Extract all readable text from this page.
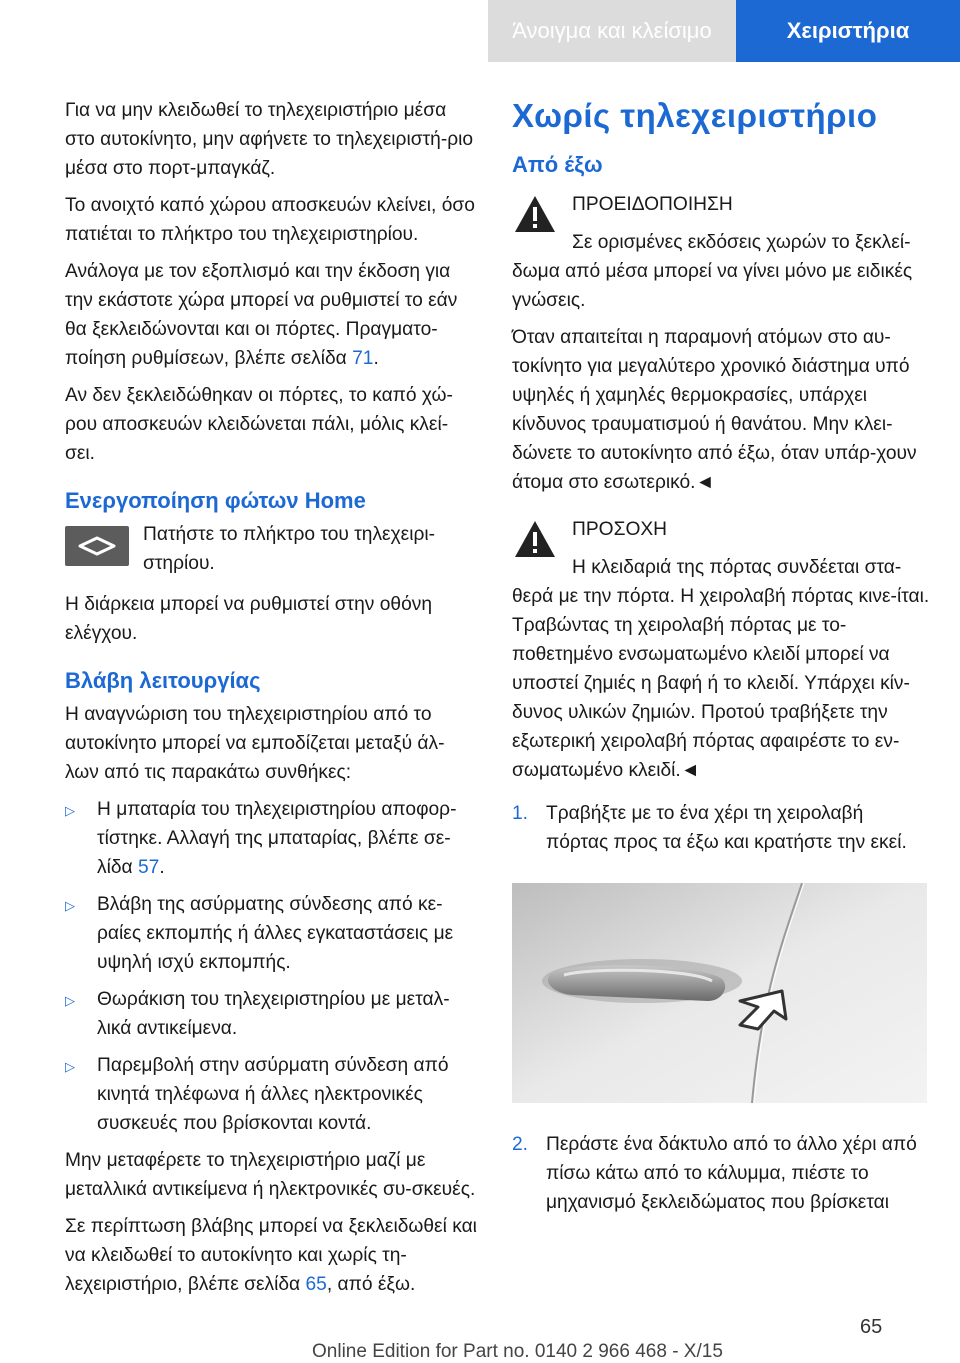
Άνοιγμα και κλείσιμο	Χειριστήρια

Για να μην κλειδωθεί το τηλεχειριστήριο μέσα στο αυτοκίνητο, μην αφήνετε το τηλεχειριστή-ριο μέσα στο πορτ-μπαγκάζ.

Το ανοιχτό καπό χώρου αποσκευών κλείνει, όσο πατιέται το πλήκτρο του τηλεχειριστηρίου.

Ανάλογα με τον εξοπλισμό και την έκδοση για την εκάστοτε χώρα μπορεί να ρυθμιστεί το εάν θα ξεκλειδώνονται και οι πόρτες. Πραγματο-ποίηση ρυθμίσεων, βλέπε σελίδα 71.

Αν δεν ξεκλειδώθηκαν οι πόρτες, το καπό χώ-ρου αποσκευών κλειδώνεται πάλι, μόλις κλεί-σει.

Ενεργοποίηση φώτων Home
Πατήστε το πλήκτρο του τηλεχειρι-στηρίου.

Η διάρκεια μπορεί να ρυθμιστεί στην οθόνη ελέγχου.

Βλάβη λειτουργίας

Η αναγνώριση του τηλεχειριστηρίου από το αυτοκίνητο μπορεί να εμποδίζεται μεταξύ άλ-λων από τις παρακάτω συνθήκες:

▷	Η μπαταρία του τηλεχειριστηρίου αποφορ-τίστηκε. Αλλαγή της μπαταρίας, βλέπε σε-λίδα 57.
▷	Βλάβη της ασύρματης σύνδεσης από κε-ραίες εκπομπής ή άλλες εγκαταστάσεις με υψηλή ισχύ εκπομπής.
▷	Θωράκιση του τηλεχειριστηρίου με μεταλ-λικά αντικείμενα.
▷	Παρεμβολή στην ασύρματη σύνδεση από κινητά τηλέφωνα ή άλλες ηλεκτρονικές συσκευές που βρίσκονται κοντά.

Μην μεταφέρετε το τηλεχειριστήριο μαζί με μεταλλικά αντικείμενα ή ηλεκτρονικές συ-σκευές.

Σε περίπτωση βλάβης μπορεί να ξεκλειδωθεί και να κλειδωθεί το αυτοκίνητο και χωρίς τη-λεχειριστήριο, βλέπε σελίδα 65, από έξω.

Χωρίς τηλεχειριστήριο
Από έξω
ΠΡΟΕΙΔΟΠΟΙΗΣΗ

Σε ορισμένες εκδόσεις χωρών το ξεκλεί-δωμα από μέσα μπορεί να γίνει μόνο με ειδικές γνώσεις.

Όταν απαιτείται η παραμονή ατόμων στο αυ-τοκίνητο για μεγαλύτερο χρονικό διάστημα υπό υψηλές ή χαμηλές θερμοκρασίες, υπάρχει κίνδυνος τραυματισμού ή θανάτου. Μην κλει-δώνετε το αυτοκίνητο από έξω, όταν υπάρ-χουν άτομα στο εσωτερικό.◄

ΠΡΟΣΟΧΗ

Η κλειδαριά της πόρτας συνδέεται στα-θερά με την πόρτα. Η χειρολαβή πόρτας κινε-ίται. Τραβώντας τη χειρολαβή πόρτας με το-ποθετημένο ενσωματωμένο κλειδί μπορεί να υποστεί ζημιές η βαφή ή το κλειδί. Υπάρχει κίν-δυνος υλικών ζημιών. Προτού τραβήξετε την εξωτερική χειρολαβή πόρτας αφαιρέστε το εν-σωματωμένο κλειδί.◄

1. Τραβήξτε με το ένα χέρι τη χειρολαβή πόρτας προς τα έξω και κρατήστε την εκεί.
2. Περάστε ένα δάκτυλο από το άλλο χέρι από πίσω κάτω από το κάλυμμα, πιέστε το μηχανισμό ξεκλειδώματος που βρίσκεται
65
Online Edition for Part no. 0140 2 966 468 - X/15
